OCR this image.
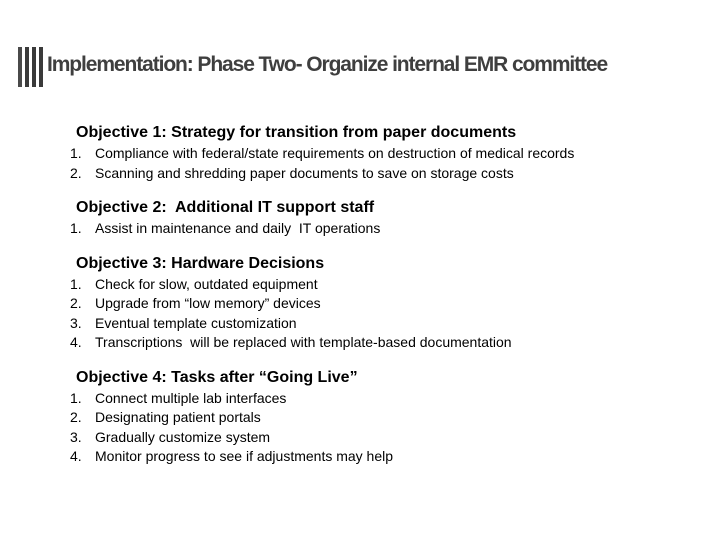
Implementation: Phase Two- Organize internal EMR committee
Objective 1: Strategy for transition from paper documents
1. Compliance with federal/state requirements on destruction of medical records
2. Scanning and shredding paper documents to save on storage costs
Objective 2:  Additional IT support staff
1. Assist in maintenance and daily  IT operations
Objective 3: Hardware Decisions
1. Check for slow, outdated equipment
2. Upgrade from “low memory” devices
3. Eventual template customization
4. Transcriptions  will be replaced with template-based documentation
Objective 4: Tasks after “Going Live”
1. Connect multiple lab interfaces
2. Designating patient portals
3. Gradually customize system
4. Monitor progress to see if adjustments may help
